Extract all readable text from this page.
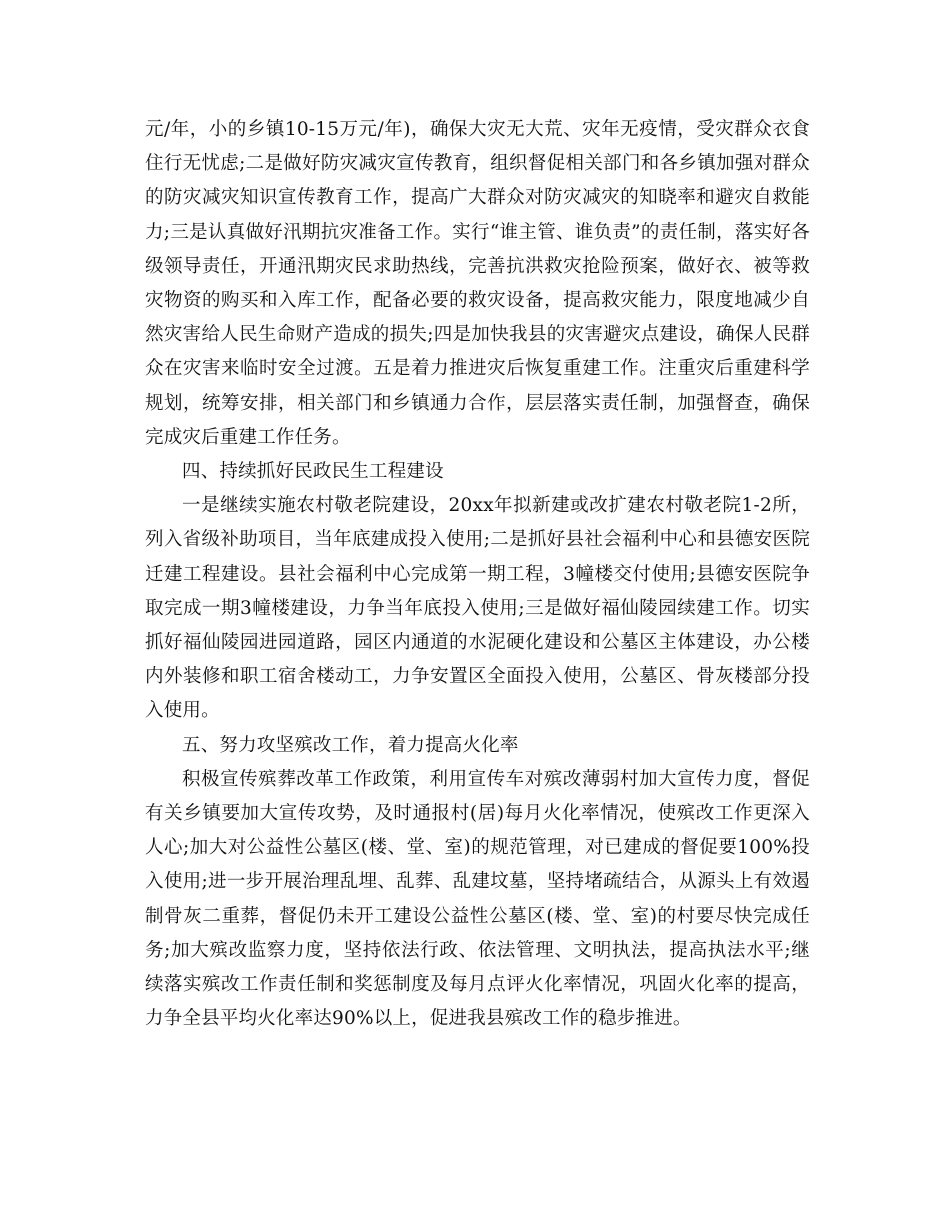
元/年，小的乡镇10-15万元/年)，确保大灾无大荒、灾年无疫情，受灾群众衣食住行无忧虑;二是做好防灾减灾宣传教育，组织督促相关部门和各乡镇加强对群众的防灾减灾知识宣传教育工作，提高广大群众对防灾减灾的知晓率和避灾自救能力;三是认真做好汛期抗灾准备工作。实行“谁主管、谁负责”的责任制，落实好各级领导责任，开通汛期灾民求助热线，完善抗洪救灾抢险预案，做好衣、被等救灾物资的购买和入库工作，配备必要的救灾设备，提高救灾能力，限度地减少自然灾害给人民生命财产造成的损失;四是加快我县的灾害避灾点建设，确保人民群众在灾害来临时安全过渡。五是着力推进灾后恢复重建工作。注重灾后重建科学规划，统筹安排，相关部门和乡镇通力合作，层层落实责任制，加强督查，确保完成灾后重建工作任务。

四、持续抓好民政民生工程建设

一是继续实施农村敬老院建设，20xx年拟新建或改扩建农村敬老院1-2所，列入省级补助项目，当年底建成投入使用;二是抓好县社会福利中心和县德安医院迁建工程建设。县社会福利中心完成第一期工程，3幢楼交付使用;县德安医院争取完成一期3幢楼建设，力争当年底投入使用;三是做好福仙陵园续建工作。切实抓好福仙陵园进园道路，园区内通道的水泥硬化建设和公墓区主体建设，办公楼内外装修和职工宿舍楼动工，力争安置区全面投入使用，公墓区、骨灰楼部分投入使用。

五、努力攻坚殡改工作，着力提高火化率

积极宣传殡葬改革工作政策，利用宣传车对殡改薄弱村加大宣传力度，督促有关乡镇要加大宣传攻势，及时通报村(居)每月火化率情况，使殡改工作更深入人心;加大对公益性公墓区(楼、堂、室)的规范管理，对已建成的督促要100%投入使用;进一步开展治理乱埋、乱葬、乱建坟墓，坚持堵疏结合，从源头上有效遏制骨灰二重葬，督促仍未开工建设公益性公墓区(楼、堂、室)的村要尽快完成任务;加大殡改监察力度，坚持依法行政、依法管理、文明执法，提高执法水平;继续落实殡改工作责任制和奖惩制度及每月点评火化率情况，巩固火化率的提高，力争全县平均火化率达90%以上，促进我县殡改工作的稳步推进。
